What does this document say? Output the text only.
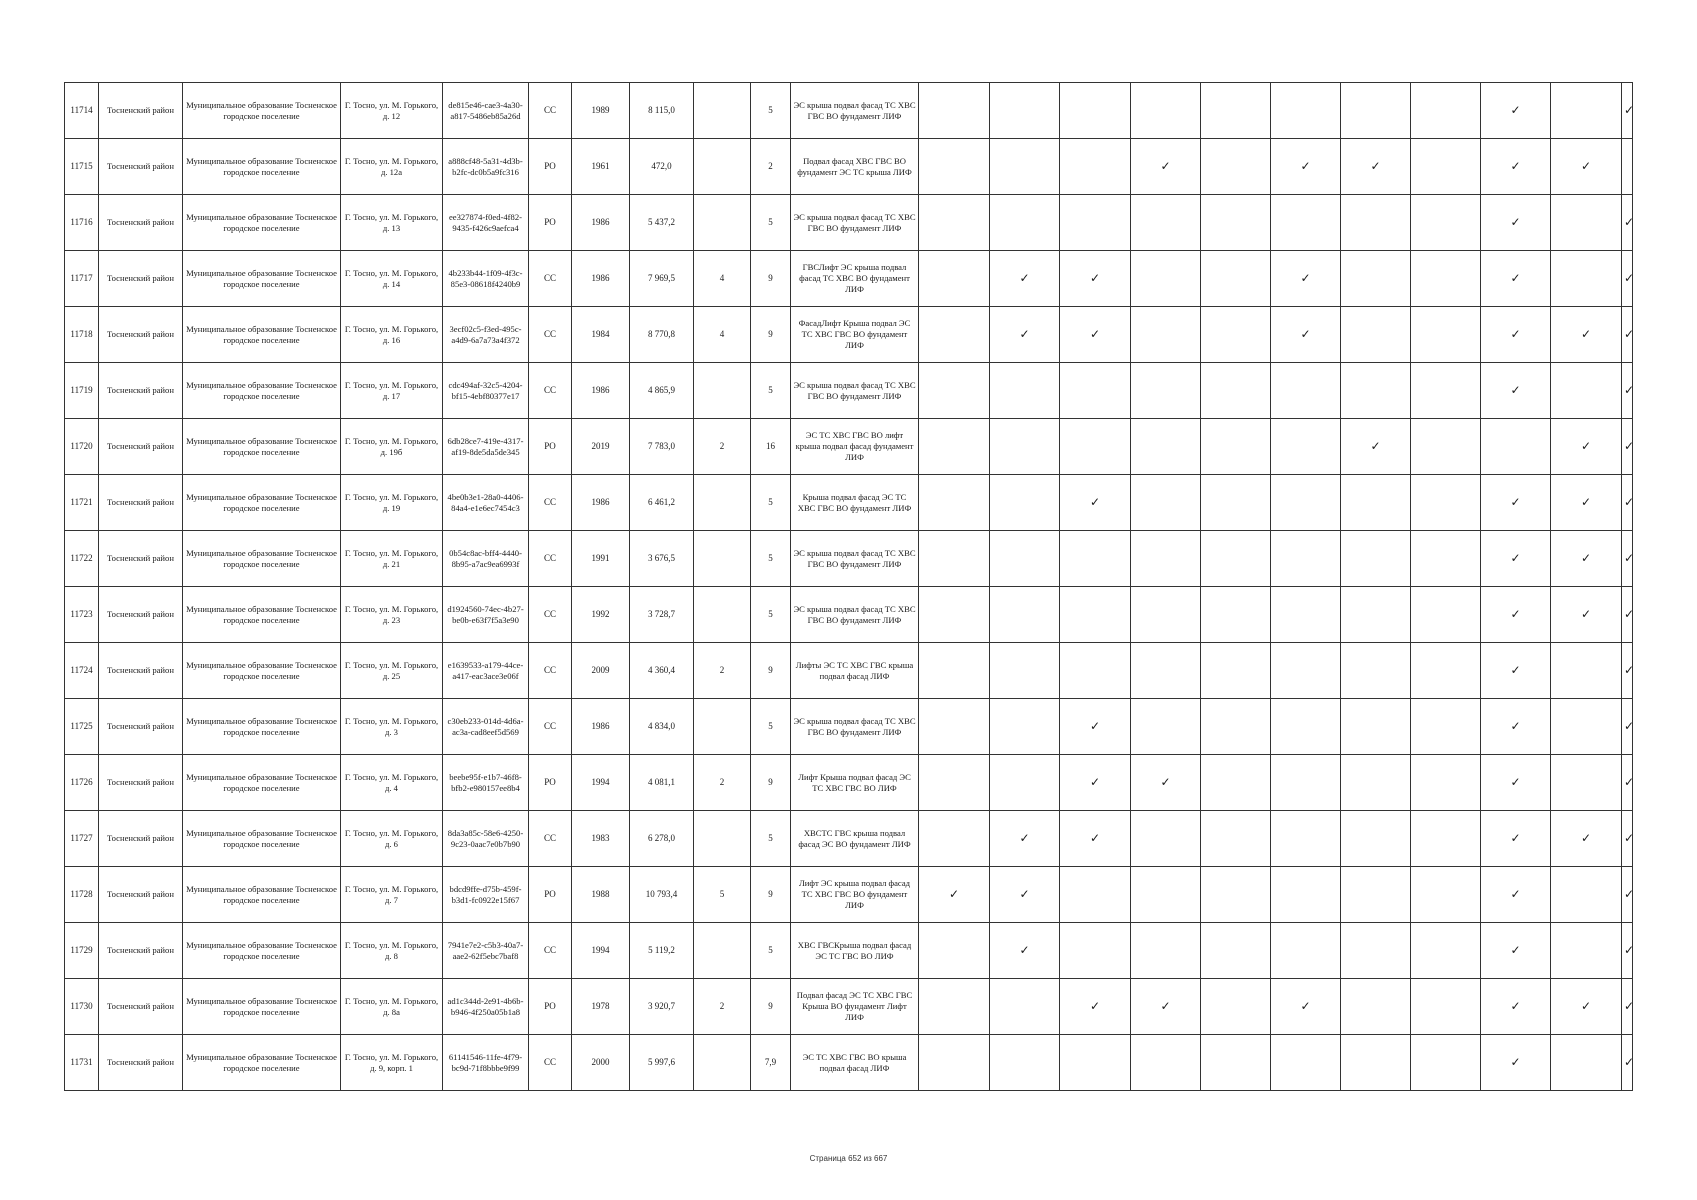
11714	Тосненский район	Муниципальное образование Тосненское городское поселение	Г. Тосно, ул. М. Горького, д. 12	de815e46-cae3-4a30-a817-5486eb85a26d	СС	1989	8 115,0		5	ЭС крыша подвал фасад ТС ХВС ГВС ВО фундамент ЛИФ									✓		✓
11715	Тосненский район	Муниципальное образование Тосненское городское поселение	Г. Тосно, ул. М. Горького, д. 12а	a888cf48-5a31-4d3b-b2fc-dc0b5a9fc316	РО	1961	472,0		2	Подвал фасад ХВС ГВС ВО фундамент ЭС ТС крыша ЛИФ				✓		✓	✓		✓	✓	
11716	Тосненский район	Муниципальное образование Тосненское городское поселение	Г. Тосно, ул. М. Горького, д. 13	ee327874-f0ed-4f82-9435-f426c9aefca4	РО	1986	5 437,2		5	ЭС крыша подвал фасад ТС ХВС ГВС ВО фундамент ЛИФ									✓		✓
11717	Тосненский район	Муниципальное образование Тосненское городское поселение	Г. Тосно, ул. М. Горького, д. 14	4b233b44-1f09-4f3c-85e3-08618f4240b9	СС	1986	7 969,5	4	9	ГВСЛифт ЭС крыша подвал фасад ТС ХВС ВО фундамент ЛИФ		✓	✓			✓			✓		✓
11718	Тосненский район	Муниципальное образование Тосненское городское поселение	Г. Тосно, ул. М. Горького, д. 16	3ecf02c5-f3ed-495c-a4d9-6a7a73a4f372	СС	1984	8 770,8	4	9	ФасадЛифт Крыша подвал ЭС ТС ХВС ГВС ВО фундамент ЛИФ		✓	✓			✓			✓	✓	✓
11719	Тосненский район	Муниципальное образование Тосненское городское поселение	Г. Тосно, ул. М. Горького, д. 17	cdc494af-32c5-4204-bf15-4ebf80377e17	СС	1986	4 865,9		5	ЭС крыша подвал фасад ТС ХВС ГВС ВО фундамент ЛИФ									✓		✓
11720	Тосненский район	Муниципальное образование Тосненское городское поселение	Г. Тосно, ул. М. Горького, д. 19б	6db28ce7-419e-4317-af19-8de5da5de345	РО	2019	7 783,0	2	16	ЭС ТС ХВС ГВС ВО лифт крыша подвал фасад фундамент ЛИФ							✓			✓	✓
11721	Тосненский район	Муниципальное образование Тосненское городское поселение	Г. Тосно, ул. М. Горького, д. 19	4be0b3e1-28a0-4406-84a4-e1e6ec7454c3	СС	1986	6 461,2		5	Крыша подвал фасад ЭС ТС ХВС ГВС ВО фундамент ЛИФ			✓						✓	✓	✓
11722	Тосненский район	Муниципальное образование Тосненское городское поселение	Г. Тосно, ул. М. Горького, д. 21	0b54c8ac-bff4-4440-8b95-a7ac9ea6993f	СС	1991	3 676,5		5	ЭС крыша подвал фасад ТС ХВС ГВС ВО фундамент ЛИФ									✓	✓	✓
11723	Тосненский район	Муниципальное образование Тосненское городское поселение	Г. Тосно, ул. М. Горького, д. 23	d1924560-74ec-4b27-be0b-e63f7f5a3e90	СС	1992	3 728,7		5	ЭС крыша подвал фасад ТС ХВС ГВС ВО фундамент ЛИФ									✓	✓	✓
11724	Тосненский район	Муниципальное образование Тосненское городское поселение	Г. Тосно, ул. М. Горького, д. 25	e1639533-a179-44ce-a417-eac3ace3e06f	СС	2009	4 360,4	2	9	Лифты ЭС ТС ХВС ГВС крыша подвал фасад ЛИФ									✓		✓
11725	Тосненский район	Муниципальное образование Тосненское городское поселение	Г. Тосно, ул. М. Горького, д. 3	c30eb233-014d-4d6a-ac3a-cad8eef5d569	СС	1986	4 834,0		5	ЭС крыша подвал фасад ТС ХВС ГВС ВО фундамент ЛИФ			✓						✓		✓
11726	Тосненский район	Муниципальное образование Тосненское городское поселение	Г. Тосно, ул. М. Горького, д. 4	beebe95f-e1b7-46f8-bfb2-e980157ee8b4	РО	1994	4 081,1	2	9	Лифт Крыша подвал фасад ЭС ТС ХВС ГВС ВО ЛИФ			✓	✓					✓		✓
11727	Тосненский район	Муниципальное образование Тосненское городское поселение	Г. Тосно, ул. М. Горького, д. 6	8da3a85c-58e6-4250-9c23-0aac7e0b7b90	СС	1983	6 278,0		5	ХВСТС ГВС крыша подвал фасад ЭС ВО фундамент ЛИФ		✓	✓						✓	✓	✓
11728	Тосненский район	Муниципальное образование Тосненское городское поселение	Г. Тосно, ул. М. Горького, д. 7	bdcd9ffe-d75b-459f-b3d1-fc0922e15f67	РО	1988	10 793,4	5	9	Лифт ЭС крыша подвал фасад ТС ХВС ГВС ВО фундамент ЛИФ	✓	✓							✓		✓
11729	Тосненский район	Муниципальное образование Тосненское городское поселение	Г. Тосно, ул. М. Горького, д. 8	7941e7e2-c5b3-40a7-aae2-62f5ebc7baf8	СС	1994	5 119,2		5	ХВС ГВСКрыша подвал фасад ЭС ТС ГВС ВО ЛИФ		✓							✓		✓
11730	Тосненский район	Муниципальное образование Тосненское городское поселение	Г. Тосно, ул. М. Горького, д. 8а	ad1c344d-2e91-4b6b-b946-4f250a05b1a8	РО	1978	3 920,7	2	9	Подвал фасад ЭС ТС ХВС ГВС Крыша ВО фундамент Лифт ЛИФ			✓	✓		✓			✓	✓	✓
11731	Тосненский район	Муниципальное образование Тосненское городское поселение	Г. Тосно, ул. М. Горького, д. 9, корп. 1	61141546-11fe-4f79-bc9d-71f8bbbe9f99	СС	2000	5 997,6		7,9	ЭС ТС ХВС ГВС ВО крыша подвал фасад ЛИФ									✓		✓
Страница 652 из 667
